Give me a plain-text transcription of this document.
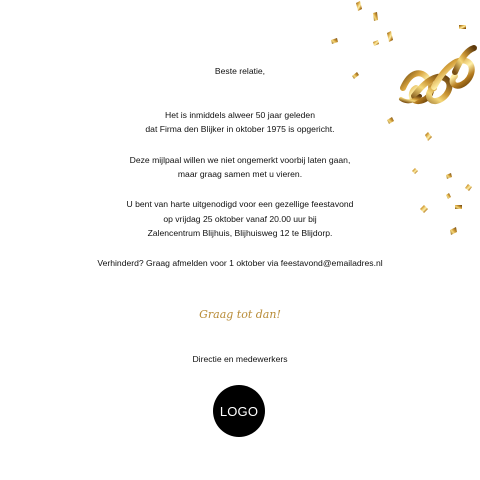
Beste relatie,
Het is inmiddels alweer 50 jaar geleden
dat Firma den Blijker in oktober 1975 is opgericht.
Deze mijlpaal willen we niet ongemerkt voorbij laten gaan,
maar graag samen met u vieren.
U bent van harte uitgenodigd voor een gezellige feestavond
op vrijdag 25 oktober vanaf 20.00 uur bij
Zalencentrum Blijhuis, Blijhuisweg 12 te Blijdorp.
Verhinderd? Graag afmelden voor 1 oktober via feestavond@emailadres.nl
Graag tot dan!
Directie en medewerkers
LOGO
